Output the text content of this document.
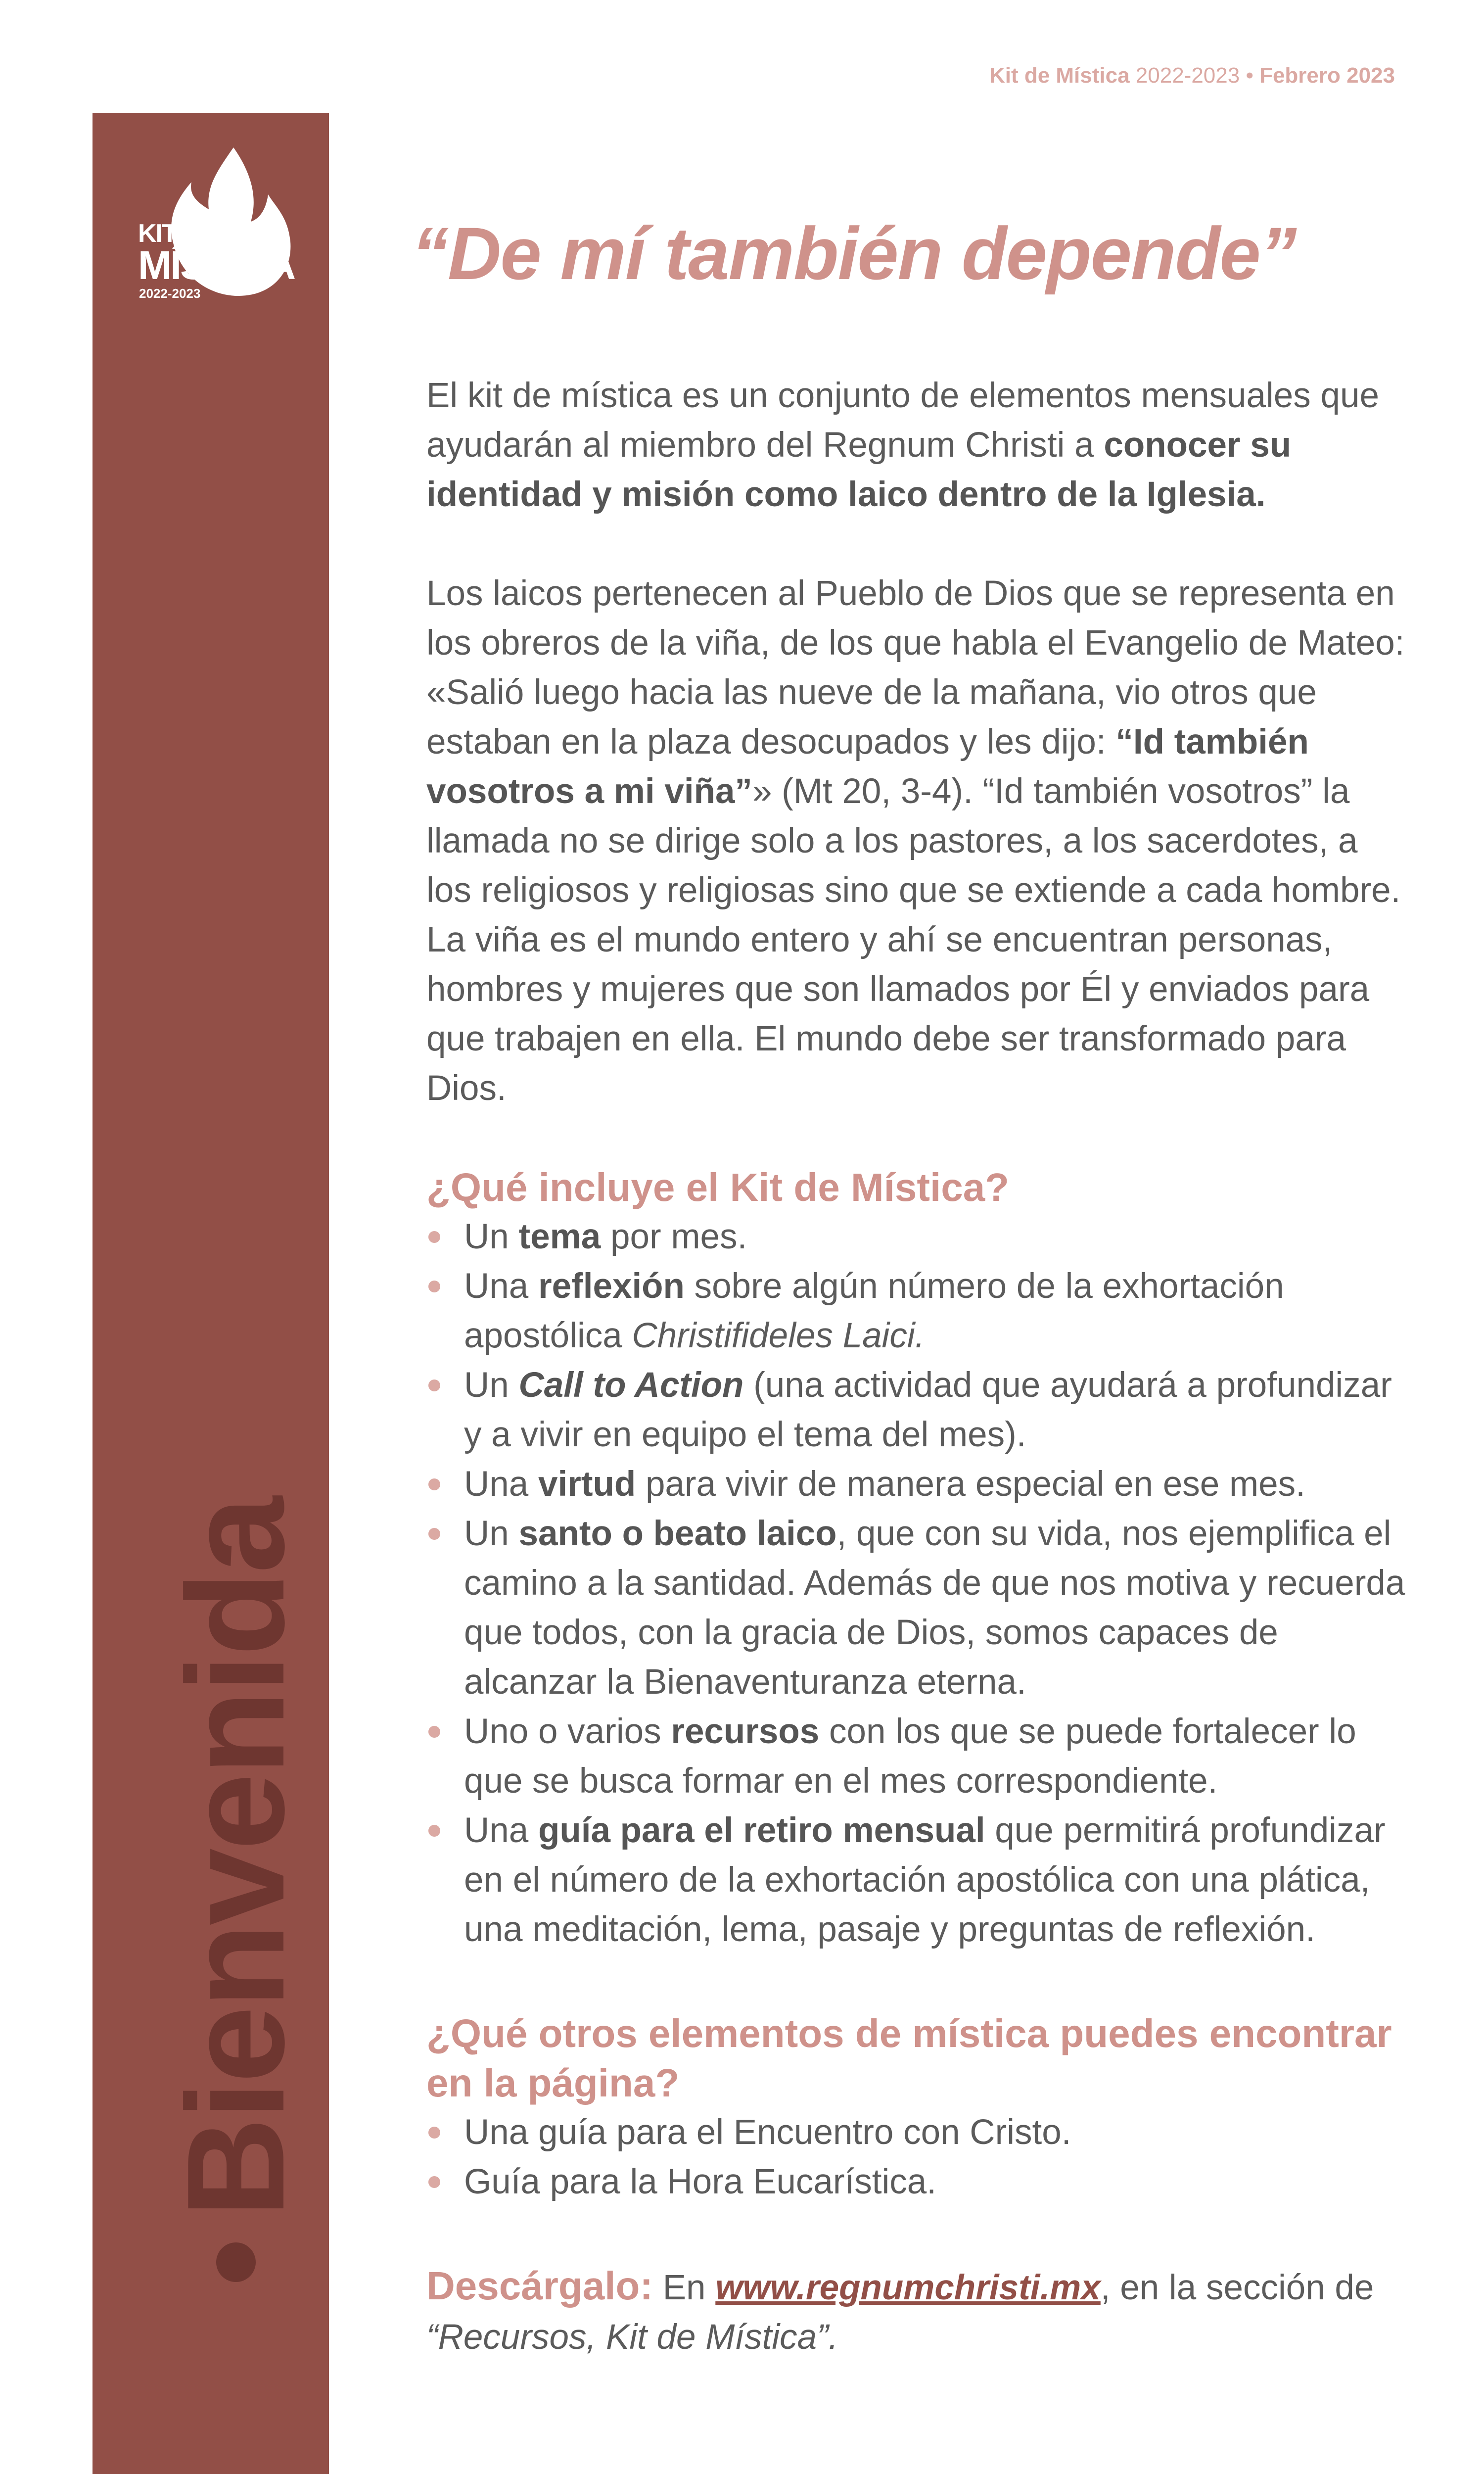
Kit de Mística 2022-2023 • Febrero 2023
KIT DE
MÍSTICA
2022-2023
Bienvenida
“De mí también depende”

El kit de mística es un conjunto de elementos mensuales que ayudarán al miembro del Regnum Christi a conocer su identidad y misión como laico dentro de la Iglesia.

Los laicos pertenecen al Pueblo de Dios que se representa en los obreros de la viña, de los que habla el Evangelio de Mateo: «Salió luego hacia las nueve de la mañana, vio otros que estaban en la plaza desocupados y les dijo: “Id también vosotros a mi viña”» (Mt 20, 3-4). “Id también vosotros” la llamada no se dirige solo a los pastores, a los sacerdotes, a los religiosos y religiosas sino que se extiende a cada hombre. La viña es el mundo entero y ahí se encuentran personas, hombres y mujeres que son llamados por Él y enviados para que trabajen en ella. El mundo debe ser transformado para Dios.

¿Qué incluye el Kit de Mística?
Un tema por mes.
Una reflexión sobre algún número de la exhortación apostólica Christifideles Laici.
Un Call to Action (una actividad que ayudará a profundizar y a vivir en equipo el tema del mes).
Una virtud para vivir de manera especial en ese mes.
Un santo o beato laico, que con su vida, nos ejemplifica el camino a la santidad. Además de que nos motiva y recuerda que todos, con la gracia de Dios, somos capaces de alcanzar la Bienaventuranza eterna.
Uno o varios recursos con los que se puede fortalecer lo que se busca formar en el mes correspondiente.
Una guía para el retiro mensual que permitirá profundizar en el número de la exhortación apostólica con una plática, una meditación, lema, pasaje y preguntas de reflexión.
¿Qué otros elementos de mística puedes encontrar en la página?
Una guía para el Encuentro con Cristo.
Guía para la Hora Eucarística.

Descárgalo: En www.regnumchristi.mx, en la sección de “Recursos, Kit de Mística”.
